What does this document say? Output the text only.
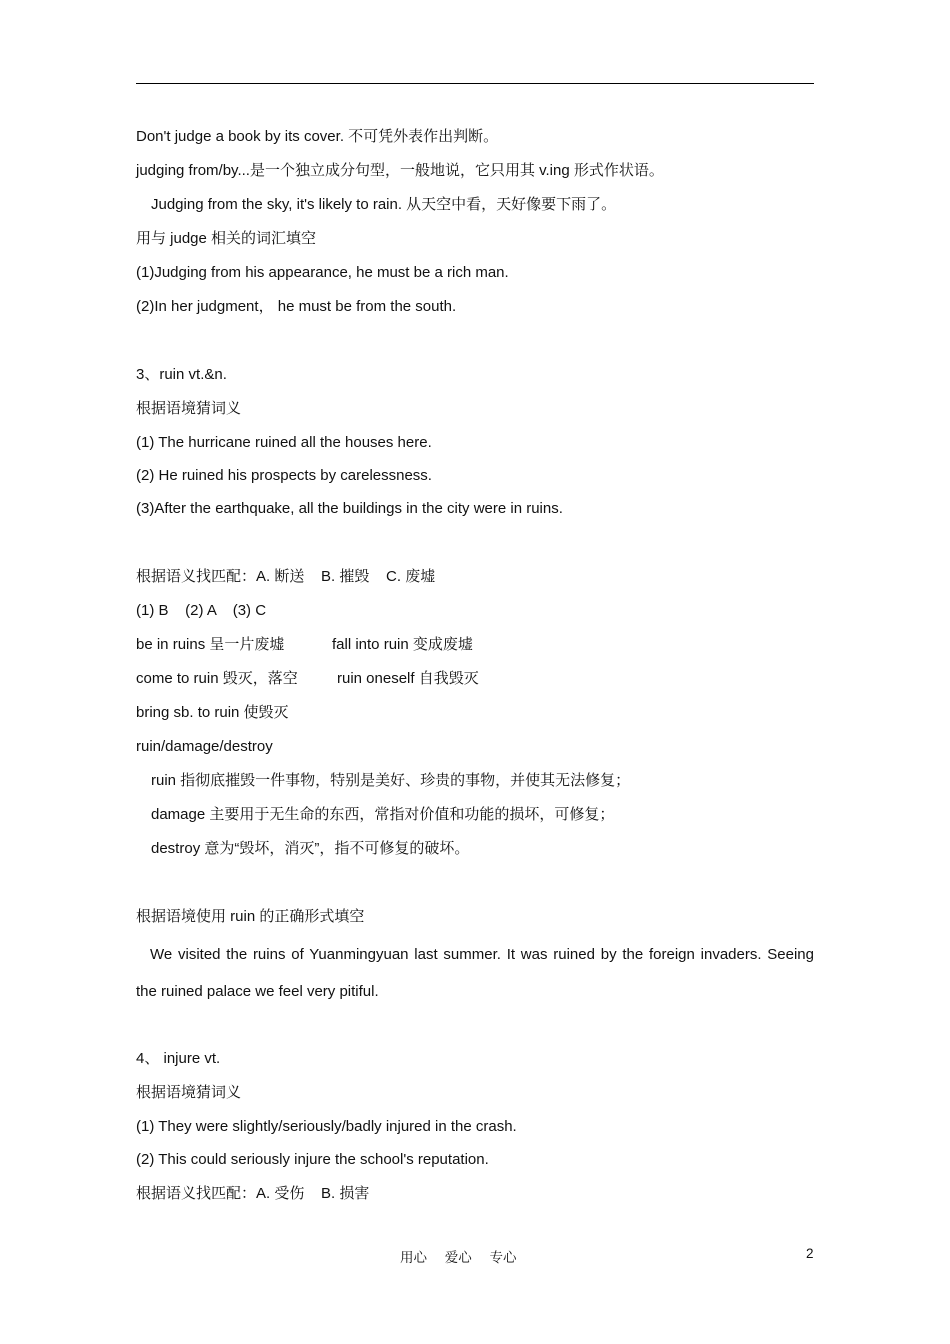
Don't judge a book by its cover. 不可凭外表作出判断。
judging from/by...是一个独立成分句型，一般地说，它只用其 v.ing 形式作状语。
Judging from the sky, it's likely to rain. 从天空中看，天好像要下雨了。
用与 judge 相关的词汇填空
(1)Judging from his appearance, he must be a rich man.
(2)In her judgment， he must be from the south.
3、ruin vt.&n.
根据语境猜词义
(1) The hurricane ruined all the houses here.
(2) He ruined his prospects by carelessness.
(3)After the earthquake, all the buildings in the city were in ruins.
根据语义找匹配：A. 断送    B. 摧毁    C. 废墟
(1) B    (2) A    (3) C
be in ruins 呈一片废墟	fall into ruin 变成废墟
come to ruin 毁灭，落空	ruin oneself 自我毁灭
bring sb. to ruin 使毁灭
ruin/damage/destroy
ruin 指彻底摧毁一件事物，特别是美好、珍贵的事物，并使其无法修复；
damage 主要用于无生命的东西，常指对价值和功能的损坏，可修复；
destroy 意为“毁坏，消灭”，指不可修复的破坏。
根据语境使用 ruin 的正确形式填空
We visited the ruins of Yuanmingyuan last summer. It was ruined by the foreign invaders. Seeing the ruined palace we feel very pitiful.
4、 injure vt.
根据语境猜词义
(1) They were slightly/seriously/badly injured in the crash.
(2) This could seriously injure the school's reputation.
根据语义找匹配：A. 受伤    B. 损害
用心 爱心 专心	2
